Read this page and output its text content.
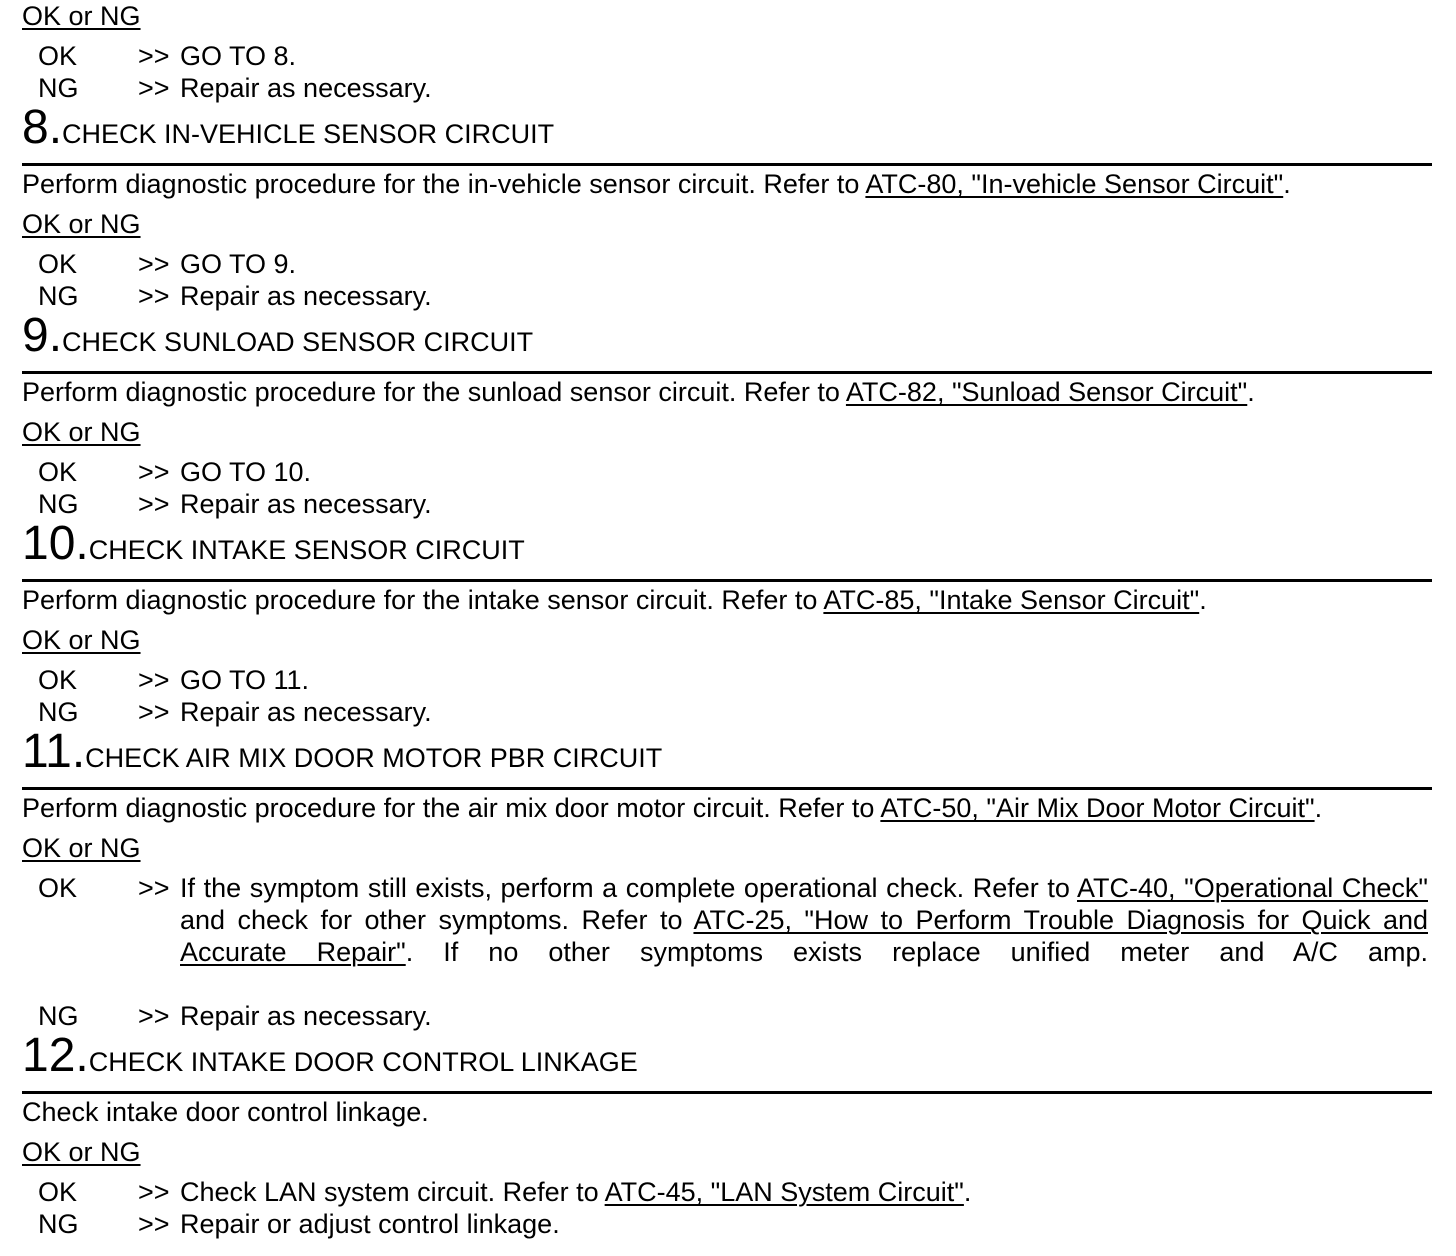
OK or NG
OK >> GO TO 8.
NG >> Repair as necessary.
8.CHECK IN-VEHICLE SENSOR CIRCUIT
Perform diagnostic procedure for the in-vehicle sensor circuit. Refer to ATC-80, "In-vehicle Sensor Circuit".
OK or NG
OK >> GO TO 9.
NG >> Repair as necessary.
9.CHECK SUNLOAD SENSOR CIRCUIT
Perform diagnostic procedure for the sunload sensor circuit. Refer to ATC-82, "Sunload Sensor Circuit".
OK or NG
OK >> GO TO 10.
NG >> Repair as necessary.
10.CHECK INTAKE SENSOR CIRCUIT
Perform diagnostic procedure for the intake sensor circuit. Refer to ATC-85, "Intake Sensor Circuit".
OK or NG
OK >> GO TO 11.
NG >> Repair as necessary.
11.CHECK AIR MIX DOOR MOTOR PBR CIRCUIT
Perform diagnostic procedure for the air mix door motor circuit. Refer to ATC-50, "Air Mix Door Motor Circuit".
OK or NG
OK >> If the symptom still exists, perform a complete operational check. Refer to ATC-40, "Operational Check" and check for other symptoms. Refer to ATC-25, "How to Perform Trouble Diagnosis for Quick and Accurate Repair". If no other symptoms exists replace unified meter and A/C amp.
NG >> Repair as necessary.
12.CHECK INTAKE DOOR CONTROL LINKAGE
Check intake door control linkage.
OK or NG
OK >> Check LAN system circuit. Refer to ATC-45, "LAN System Circuit".
NG >> Repair or adjust control linkage.
